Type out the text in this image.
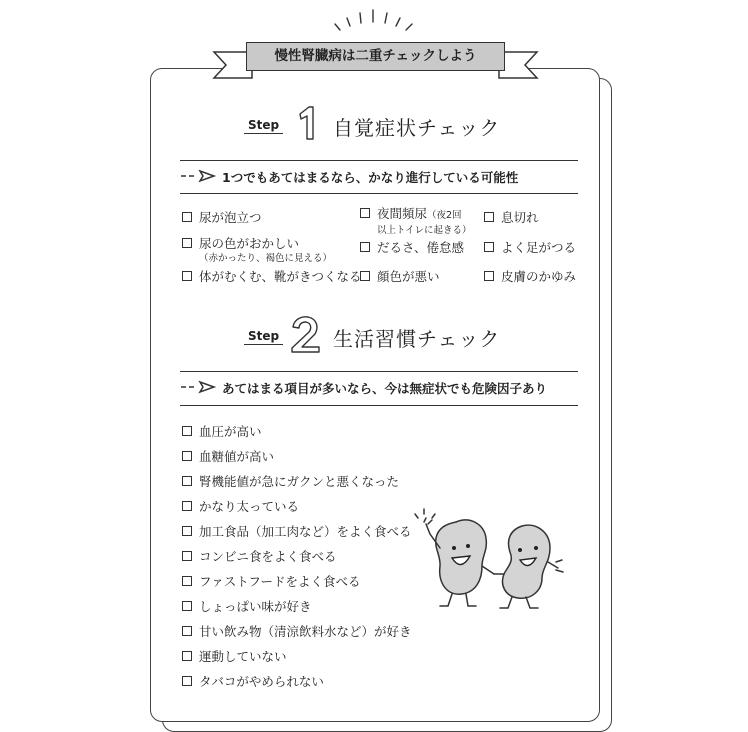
慢性腎臓病は二重チェックしよう
Step	自覚症状チェック
1つでもあてはまるなら、かなり進行している可能性
尿が泡立つ
尿の色がおかしい
（赤かったり、褐色に見える）
体がむくむ、靴がきつくなる
夜間頻尿（夜2回
以上トイレに起きる）
だるさ、倦怠感
顔色が悪い
息切れ
よく足がつる
皮膚のかゆみ
Step	生活習慣チェック
あてはまる項目が多いなら、今は無症状でも危険因子あり
血圧が高い
血糖値が高い
腎機能値が急にガクンと悪くなった
かなり太っている
加工食品（加工肉など）をよく食べる
コンビニ食をよく食べる
ファストフードをよく食べる
しょっぱい味が好き
甘い飲み物（清涼飲料水など）が好き
運動していない
タバコがやめられない
